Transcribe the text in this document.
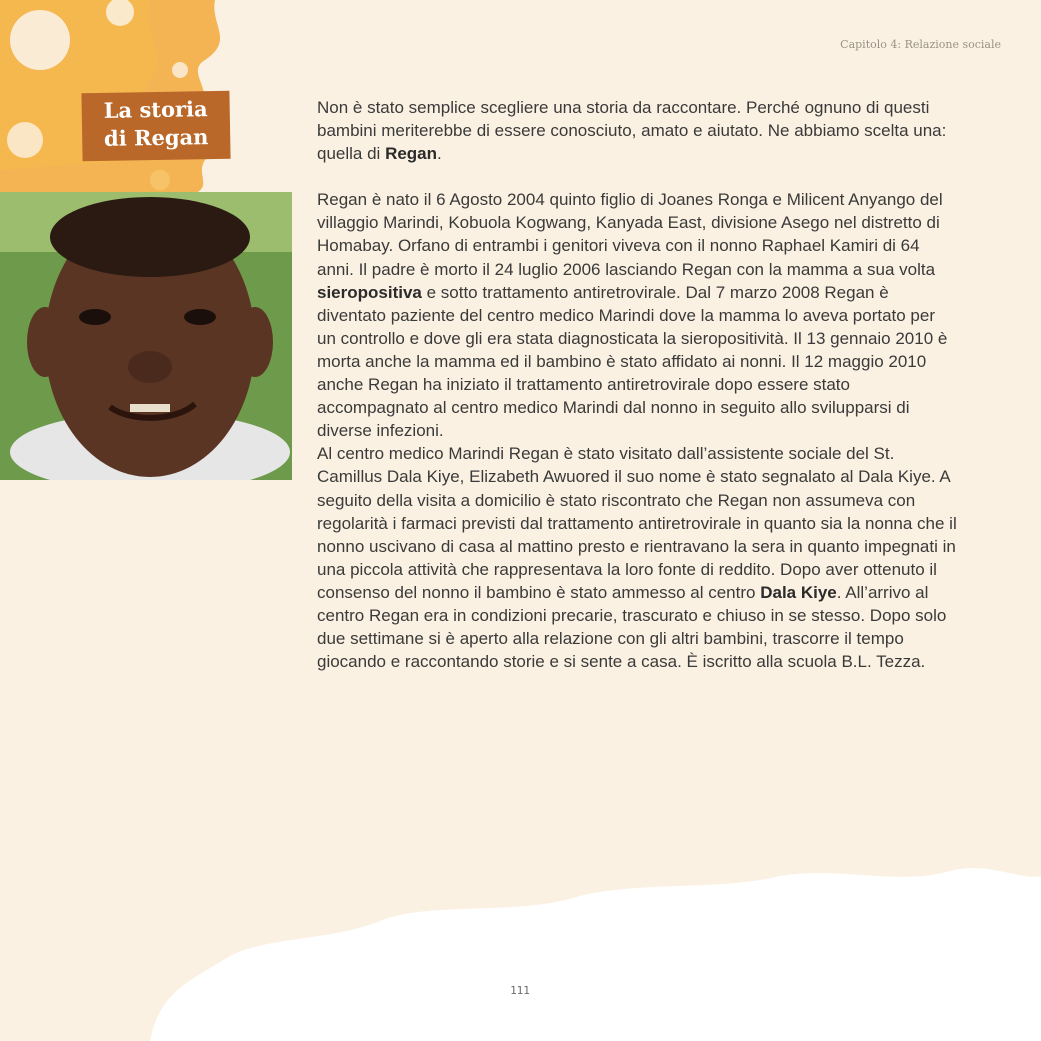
Capitolo 4: Relazione sociale
La storia
di Regan

Non è stato semplice scegliere una storia da raccontare. Perché ognuno di questi bambini meriterebbe di essere conosciuto, amato e aiutato. Ne abbiamo scelta una: quella di Regan.

Regan è nato il 6 Agosto 2004 quinto figlio di Joanes Ronga e Milicent Anyango del villaggio Marindi, Kobuola Kogwang, Kanyada East, divisione Asego nel distretto di Homabay. Orfano di entrambi i genitori viveva con il nonno Raphael Kamiri di 64 anni. Il padre è morto il 24 luglio 2006 lasciando Regan con la mamma a sua volta sieropositiva e sotto trattamento antiretrovirale. Dal 7 marzo 2008 Regan è diventato paziente del centro medico Marindi dove la mamma lo aveva portato per un controllo e dove gli era stata diagnosticata la sieropositività. Il 13 gennaio 2010 è morta anche la mamma ed il bambino è stato affidato ai nonni. Il 12 maggio 2010 anche Regan ha iniziato il trattamento antiretrovirale dopo essere stato accompagnato al centro medico Marindi dal nonno in seguito allo svilupparsi di diverse infezioni.

Al centro medico Marindi Regan è stato visitato dall’assistente sociale del St. Camillus Dala Kiye, Elizabeth Awuored il suo nome è stato segnalato al Dala Kiye. A seguito della visita a domicilio è stato riscontrato che Regan non assumeva con regolarità i farmaci previsti dal trattamento antiretrovirale in quanto sia la nonna che il nonno uscivano di casa al mattino presto e rientravano la sera in quanto impegnati in una piccola attività che rappresentava la loro fonte di reddito. Dopo aver ottenuto il consenso del nonno il bambino è stato ammesso al centro Dala Kiye. All’arrivo al centro Regan era in condizioni precarie, trascurato e chiuso in se stesso. Dopo solo due settimane si è aperto alla relazione con gli altri bambini, trascorre il tempo giocando e raccontando storie e si sente a casa. È iscritto alla scuola B.L. Tezza.

111
